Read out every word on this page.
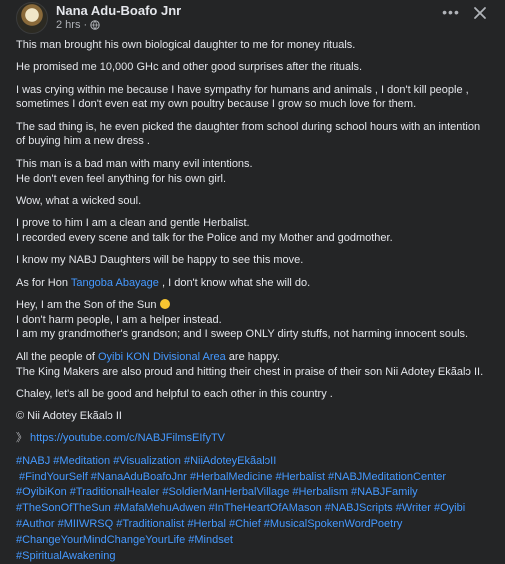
Nana Adu-Boafo Jnr
2 hrs ·
•••
This man brought his own biological daughter to me for money rituals.
He promised me 10,000 GHc and other good surprises after the rituals.
I was crying within me because I have sympathy for humans and animals , I don't kill people , sometimes I don't even eat my own poultry because I grow so much love for them.
The sad thing is, he even picked the daughter from school during school hours with an intention of buying him a new dress .
This man is a bad man with many evil intentions.
He don't even feel anything for his own girl.
Wow, what a wicked soul.
I prove to him I am a clean and gentle Herbalist.
I recorded every scene and talk for the Police and my Mother and godmother.
I know my NABJ Daughters will be happy to see this move.
As for Hon Tangoba Abayage , I don't know what she will do.
Hey, I am the Son of the Sun
I don't harm people, I am a helper instead.
I am my grandmother's grandson; and I sweep ONLY dirty stuffs, not harming innocent souls.
All the people of Oyibi KON Divisional Area are happy.
The King Makers are also proud and hitting their chest in praise of their son Nii Adotey Ekãalɔ II.
Chaley, let's all be good and helpful to each other in this country .
© Nii Adotey Ekãalɔ II
》 https://youtube.com/c/NABJFilmsEIfyTV
#NABJ #Meditation #Visualization #NiiAdoteyEkãalɔII
#FindYourSelf #NanaAduBoafoJnr #HerbalMedicine #Herbalist #NABJMeditationCenter
#OyibiKon #TraditionalHealer #SoldierManHerbalVillage #Herbalism #NABJFamily
#TheSonOfTheSun #MafaMehuAdwen #InTheHeartOfAMason #NABJScripts #Writer #Oyibi
#Author #MIIWRSQ #Traditionalist #Herbal #Chief #MusicalSpokenWordPoetry
#ChangeYourMindChangeYourLife #Mindset
#SpiritualAwakening
